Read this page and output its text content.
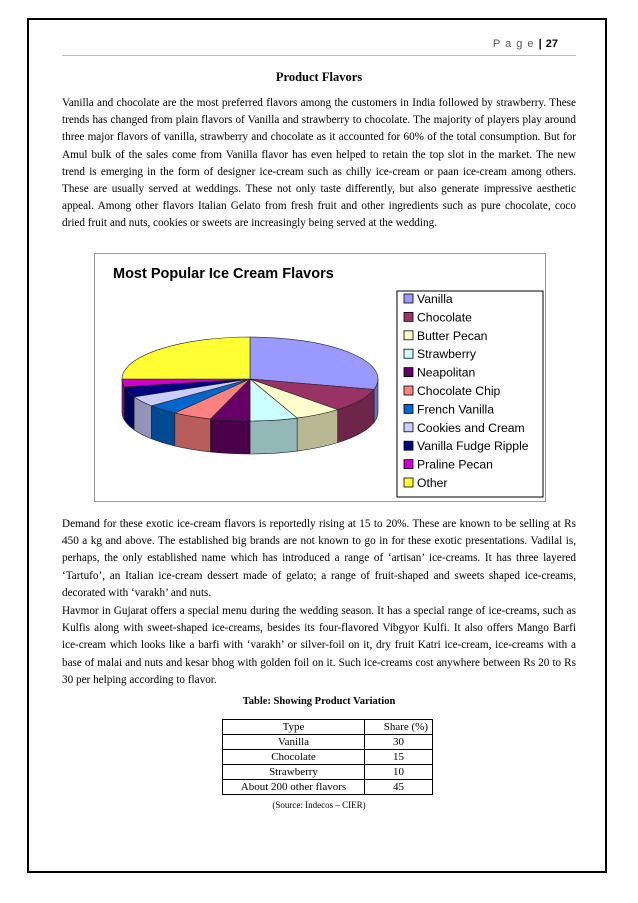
P a g e | 27
Product Flavors

Vanilla and chocolate are the most preferred flavors among the customers in India followed by strawberry. These trends has changed from plain flavors of Vanilla and strawberry to chocolate. The majority of players play around three major flavors of vanilla, strawberry and chocolate as it accounted for 60% of the total consumption. But for Amul bulk of the sales come from Vanilla flavor has even helped to retain the top slot in the market. The new trend is emerging in the form of designer ice-cream such as chilly ice-cream or paan ice-cream among others. These are usually served at weddings. These not only taste differently, but also generate impressive aesthetic appeal. Among other flavors Italian Gelato from fresh fruit and other ingredients such as pure chocolate, coco dried fruit and nuts, cookies or sweets are increasingly being served at the wedding.

Most Popular Ice Cream Flavors
Vanilla
Chocolate
Butter Pecan
Strawberry
Neapolitan
Chocolate Chip
French Vanilla
Cookies and Cream
Vanilla Fudge Ripple
Praline Pecan
Other

Demand for these exotic ice-cream flavors is reportedly rising at 15 to 20%. These are known to be selling at Rs 450 a kg and above. The established big brands are not known to go in for these exotic presentations. Vadilal is, perhaps, the only established name which has introduced a range of ‘artisan’ ice-creams. It has three layered ‘Tartufo’, an Italian ice-cream dessert made of gelato; a range of fruit-shaped and sweets shaped ice-creams, decorated with ‘varakh’ and nuts.

Havmor in Gujarat offers a special menu during the wedding season. It has a special range of ice-creams, such as Kulfis along with sweet-shaped ice-creams, besides its four-flavored Vibgyor Kulfi. It also offers Mango Barfi ice-cream which looks like a barfi with ‘varakh’ or silver-foil on it, dry fruit Katri ice-cream, ice-creams with a base of malai and nuts and kesar bhog with golden foil on it. Such ice-creams cost anywhere between Rs 20 to Rs 30 per helping according to flavor.

Table: Showing Product Variation
Type	Share (%)
Vanilla	30
Chocolate	15
Strawberry	10
About 200 other flavors	45
(Source: Indecos – CIER)
